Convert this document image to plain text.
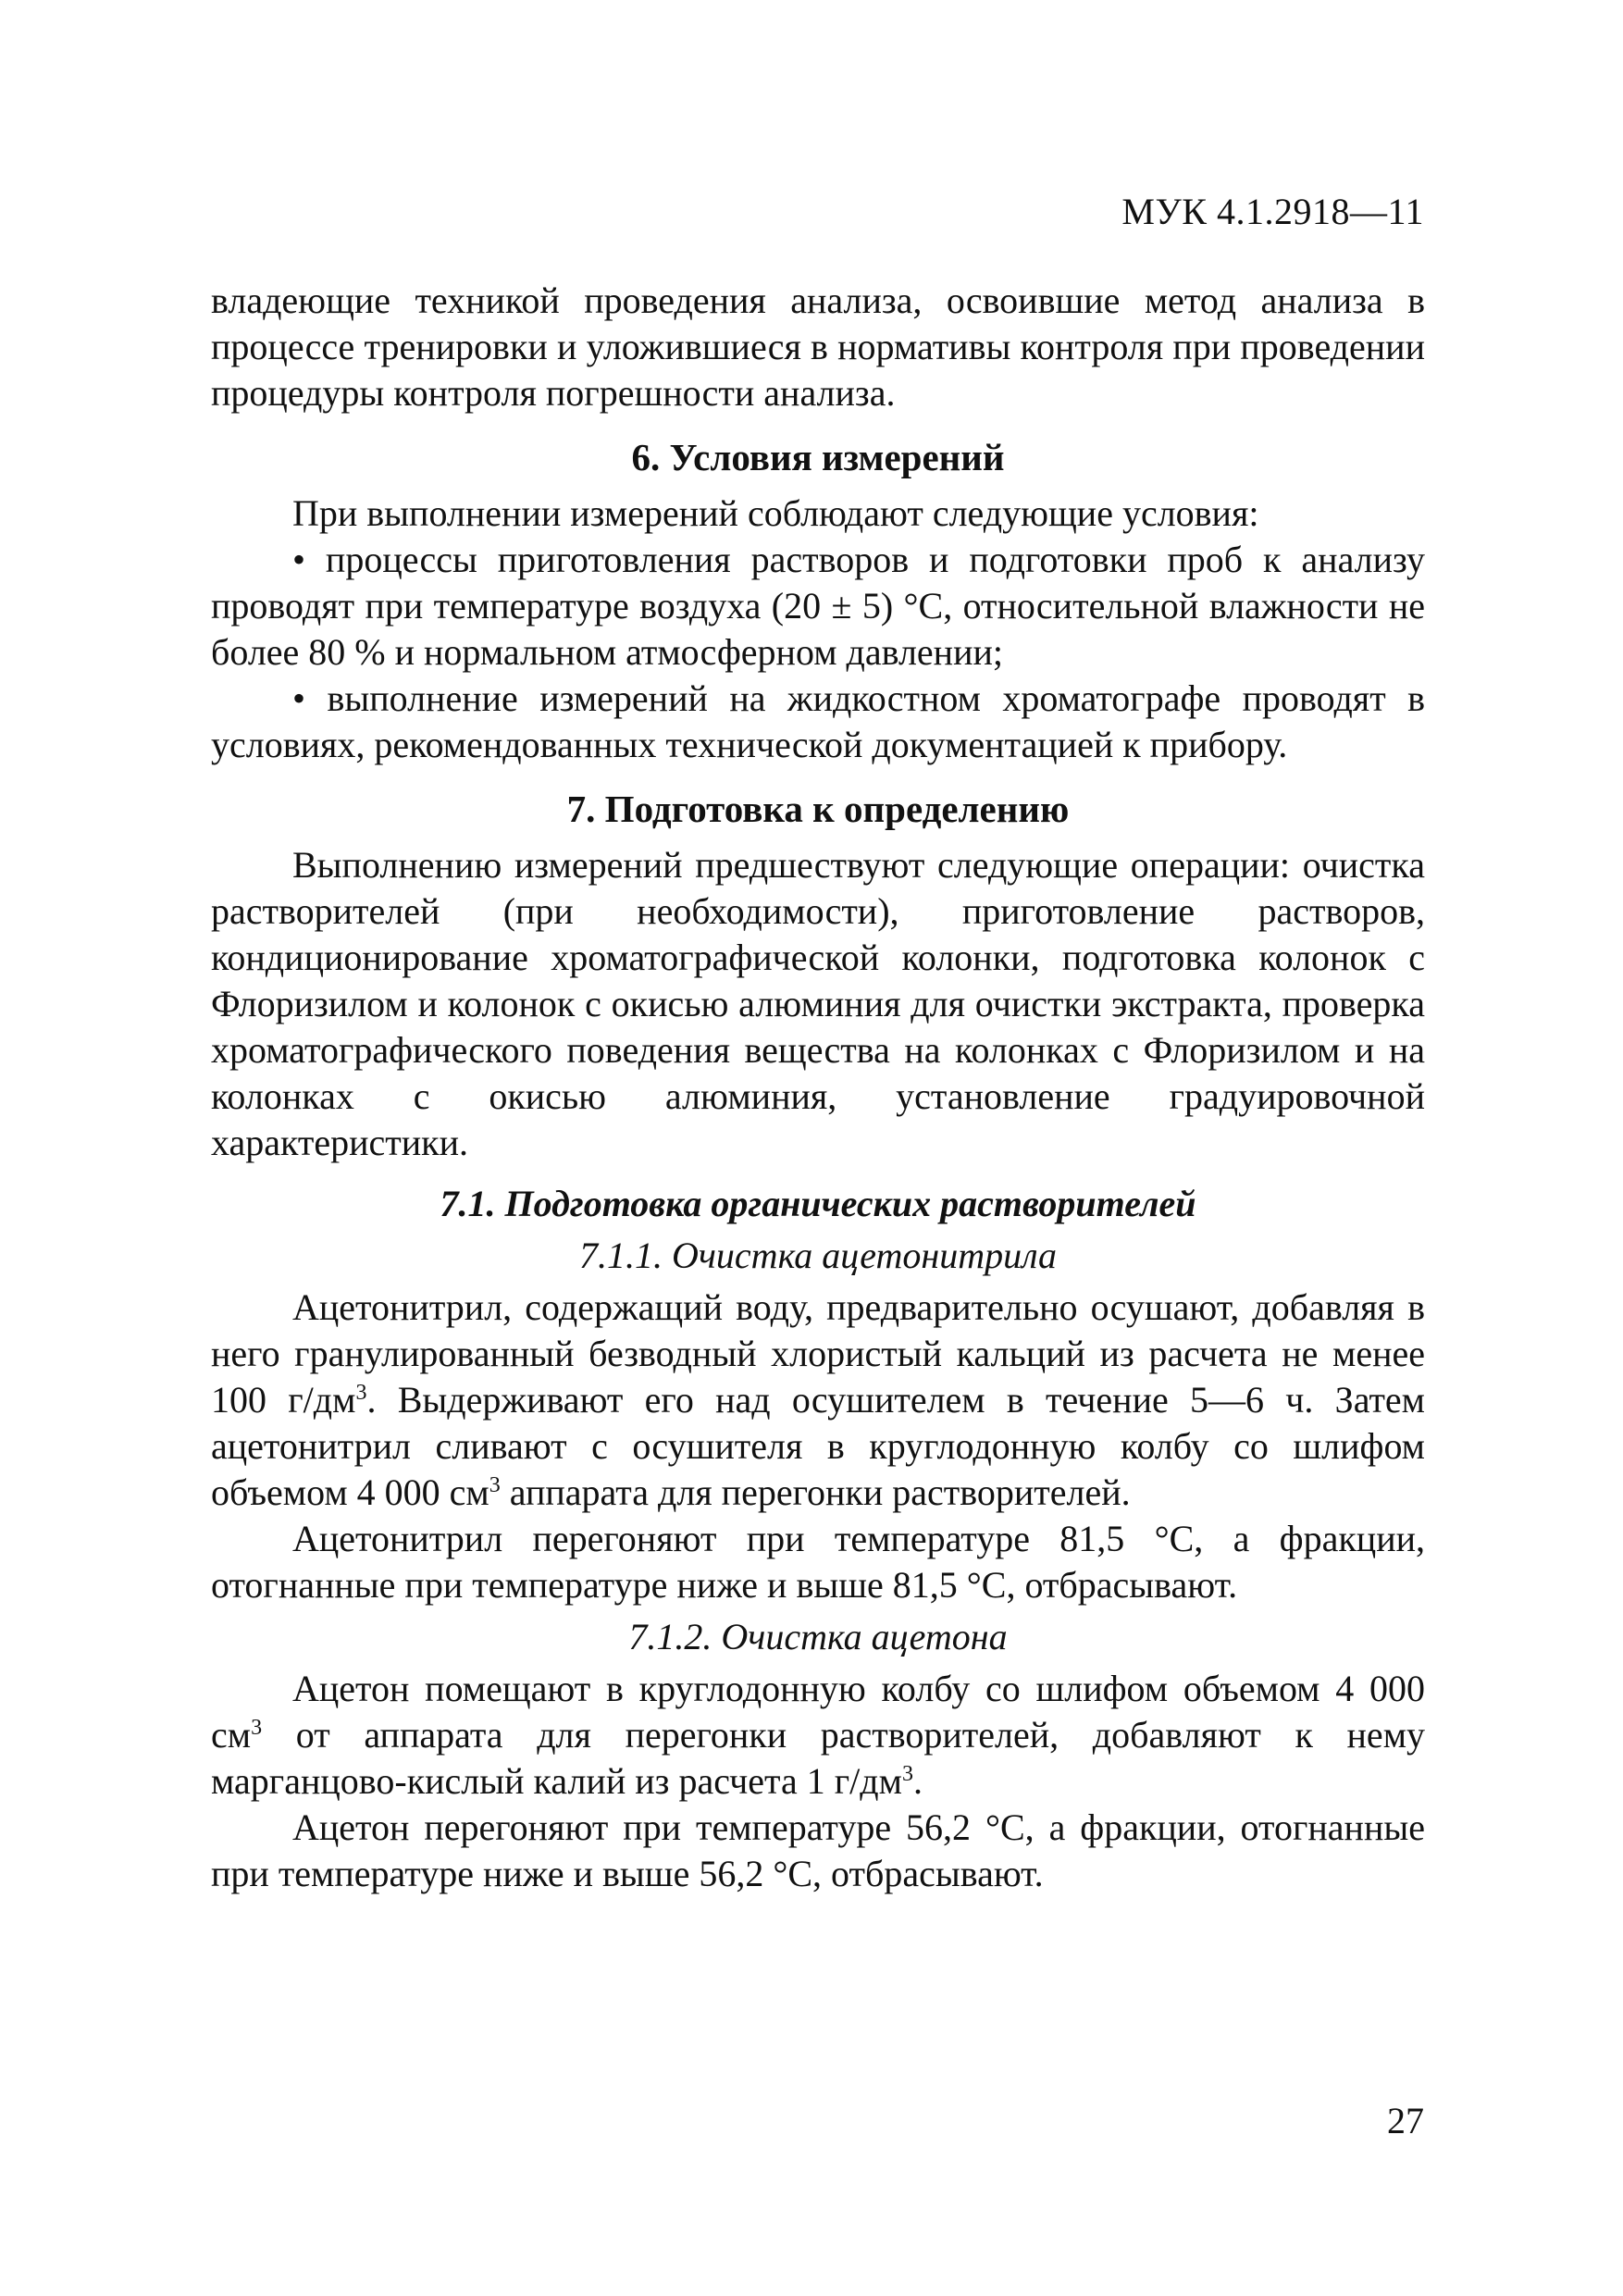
МУК 4.1.2918—11

владеющие техникой проведения анализа, освоившие метод анализа в процессе тренировки и уложившиеся в нормативы контроля при проведении процедуры контроля погрешности анализа.

6. Условия измерений

При выполнении измерений соблюдают следующие условия:

• процессы приготовления растворов и подготовки проб к анализу проводят при температуре воздуха (20 ± 5) °С, относительной влажности не более 80 % и нормальном атмосферном давлении;

• выполнение измерений на жидкостном хроматографе проводят в условиях, рекомендованных технической документацией к прибору.

7. Подготовка к определению

Выполнению измерений предшествуют следующие операции: очистка растворителей (при необходимости), приготовление растворов, кондиционирование хроматографической колонки, подготовка колонок с Флоризилом и колонок с окисью алюминия для очистки экстракта, проверка хроматографического поведения вещества на колонках с Флоризилом и на колонках с окисью алюминия, установление градуировочной характеристики.

7.1. Подготовка органических растворителей
7.1.1. Очистка ацетонитрила

Ацетонитрил, содержащий воду, предварительно осушают, добавляя в него гранулированный безводный хлористый кальций из расчета не менее 100 $г/дм^3$. Выдерживают его над осушителем в течение 5—6 ч. Затем ацетонитрил сливают с осушителя в круглодонную колбу со шлифом объемом 4 000 $см^3$ аппарата для перегонки растворителей.

Ацетонитрил перегоняют при температуре 81,5 °С, а фракции, отогнанные при температуре ниже и выше 81,5 °С, отбрасывают.

7.1.2. Очистка ацетона

Ацетон помещают в круглодонную колбу со шлифом объемом 4 000 $см^3$ от аппарата для перегонки растворителей, добавляют к нему марганцово-кислый калий из расчета 1 $г/дм^3$.

Ацетон перегоняют при температуре 56,2 °С, а фракции, отогнанные при температуре ниже и выше 56,2 °С, отбрасывают.

27
